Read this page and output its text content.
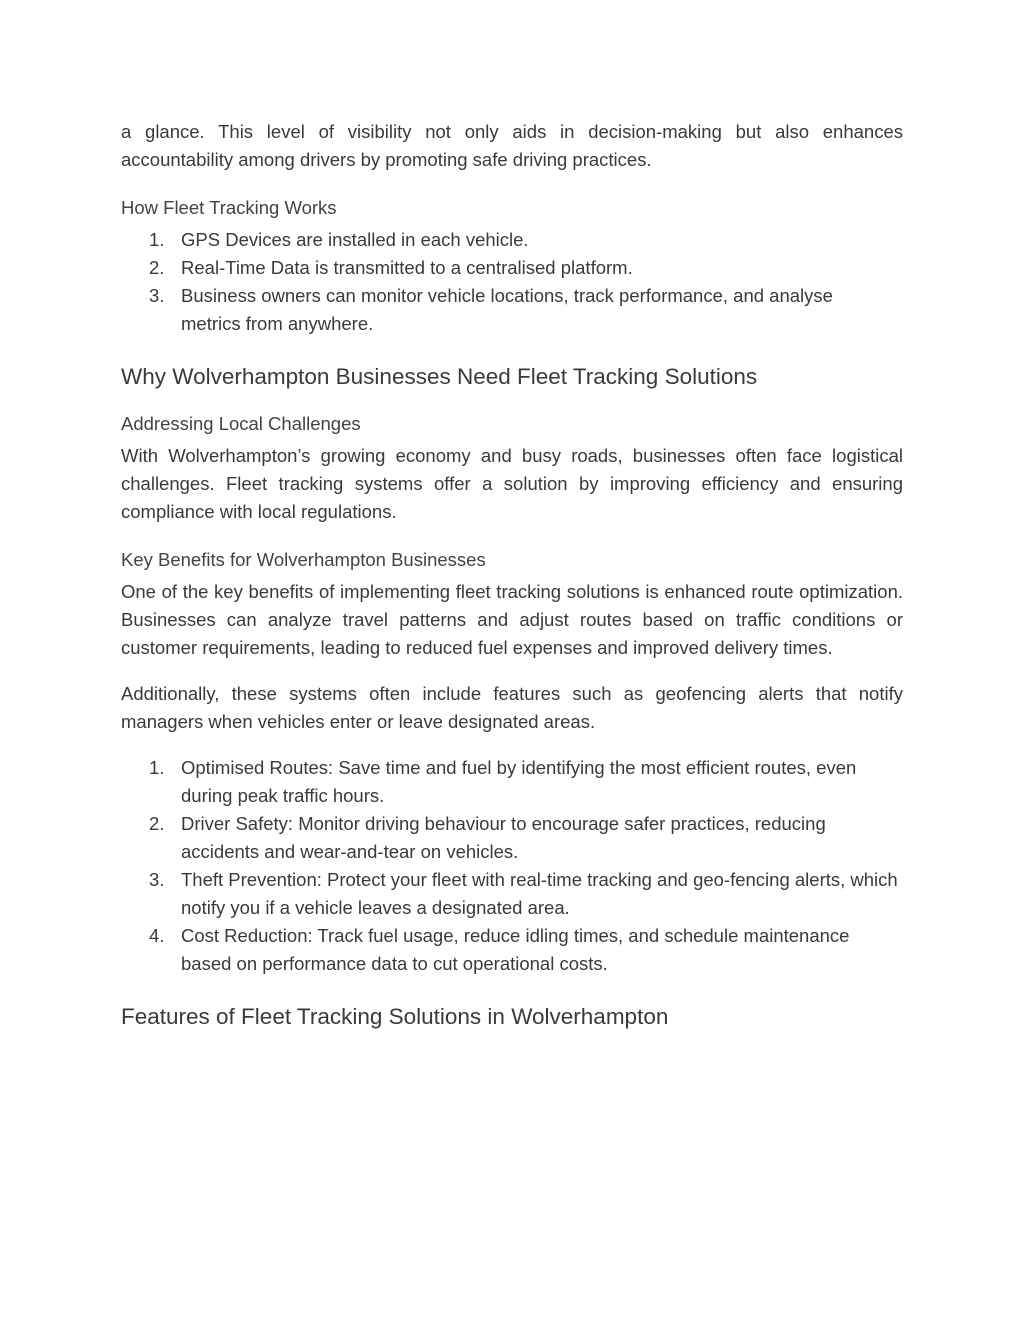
a glance. This level of visibility not only aids in decision-making but also enhances accountability among drivers by promoting safe driving practices.

How Fleet Tracking Works
1. GPS Devices are installed in each vehicle.
2. Real-Time Data is transmitted to a centralised platform.
3. Business owners can monitor vehicle locations, track performance, and analyse metrics from anywhere.
Why Wolverhampton Businesses Need Fleet Tracking Solutions
Addressing Local Challenges

With Wolverhampton’s growing economy and busy roads, businesses often face logistical challenges. Fleet tracking systems offer a solution by improving efficiency and ensuring compliance with local regulations.

Key Benefits for Wolverhampton Businesses

One of the key benefits of implementing fleet tracking solutions is enhanced route optimization. Businesses can analyze travel patterns and adjust routes based on traffic conditions or customer requirements, leading to reduced fuel expenses and improved delivery times.

Additionally, these systems often include features such as geofencing alerts that notify managers when vehicles enter or leave designated areas.

1. Optimised Routes: Save time and fuel by identifying the most efficient routes, even during peak traffic hours.
2. Driver Safety: Monitor driving behaviour to encourage safer practices, reducing accidents and wear-and-tear on vehicles.
3. Theft Prevention: Protect your fleet with real-time tracking and geo-fencing alerts, which notify you if a vehicle leaves a designated area.
4. Cost Reduction: Track fuel usage, reduce idling times, and schedule maintenance based on performance data to cut operational costs.
Features of Fleet Tracking Solutions in Wolverhampton
